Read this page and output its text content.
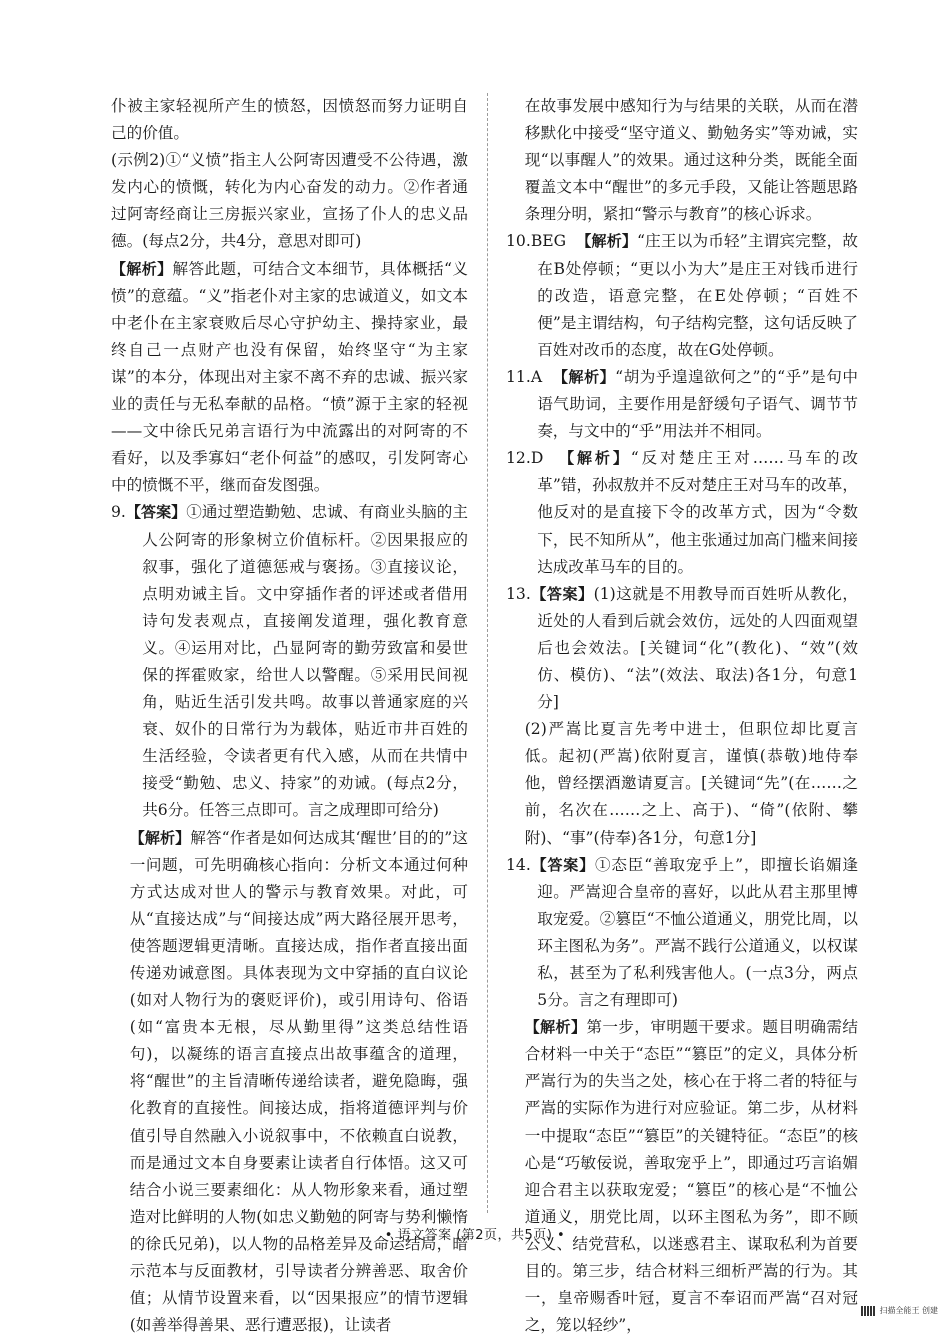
仆被主家轻视所产生的愤怒，因愤怒而努力证明自己的价值。

(示例2)①“义愤”指主人公阿寄因遭受不公待遇，激发内心的愤慨，转化为内心奋发的动力。②作者通过阿寄经商让三房振兴家业，宣扬了仆人的忠义品德。(每点2分，共4分，意思对即可)

【解析】解答此题，可结合文本细节，具体概括“义愤”的意蕴。“义”指老仆对主家的忠诚道义，如文本中老仆在主家衰败后尽心守护幼主、操持家业，最终自己一点财产也没有保留，始终坚守“为主家谋”的本分，体现出对主家不离不弃的忠诚、振兴家业的责任与无私奉献的品格。“愤”源于主家的轻视——文中徐氏兄弟言语行为中流露出的对阿寄的不看好，以及季寡妇“老仆何益”的感叹，引发阿寄心中的愤慨不平，继而奋发图强。

9.【答案】①通过塑造勤勉、忠诚、有商业头脑的主人公阿寄的形象树立价值标杆。②因果报应的叙事，强化了道德惩戒与褒扬。③直接议论，点明劝诫主旨。文中穿插作者的评述或者借用诗句发表观点，直接阐发道理，强化教育意义。④运用对比，凸显阿寄的勤劳致富和晏世保的挥霍败家，给世人以警醒。⑤采用民间视角，贴近生活引发共鸣。故事以普通家庭的兴衰、奴仆的日常行为为载体，贴近市井百姓的生活经验，令读者更有代入感，从而在共情中接受“勤勉、忠义、持家”的劝诫。(每点2分，共6分。任答三点即可。言之成理即可给分)

【解析】解答“作者是如何达成其‘醒世’目的的”这一问题，可先明确核心指向：分析文本通过何种方式达成对世人的警示与教育效果。对此，可从“直接达成”与“间接达成”两大路径展开思考，使答题逻辑更清晰。直接达成，指作者直接出面传递劝诫意图。具体表现为文中穿插的直白议论(如对人物行为的褒贬评价)，或引用诗句、俗语(如“富贵本无根，尽从勤里得”这类总结性语句)，以凝练的语言直接点出故事蕴含的道理，将“醒世”的主旨清晰传递给读者，避免隐晦，强化教育的直接性。间接达成，指将道德评判与价值引导自然融入小说叙事中，不依赖直白说教，而是通过文本自身要素让读者自行体悟。这又可结合小说三要素细化：从人物形象来看，通过塑造对比鲜明的人物(如忠义勤勉的阿寄与势利懒惰的徐氏兄弟)，以人物的品格差异及命运结局，暗示范本与反面教材，引导读者分辨善恶、取舍价值；从情节设置来看，以“因果报应”的情节逻辑(如善举得善果、恶行遭恶报)，让读者

在故事发展中感知行为与结果的关联，从而在潜移默化中接受“坚守道义、勤勉务实”等劝诫，实现“以事醒人”的效果。通过这种分类，既能全面覆盖文本中“醒世”的多元手段，又能让答题思路条理分明，紧扣“警示与教育”的核心诉求。

10.BEG 【解析】“庄王以为币轻”主谓宾完整，故在B处停顿；“更以小为大”是庄王对钱币进行的改造，语意完整，在E处停顿；“百姓不便”是主谓结构，句子结构完整，这句话反映了百姓对改币的态度，故在G处停顿。

11.A 【解析】“胡为乎遑遑欲何之”的“乎”是句中语气助词，主要作用是舒缓句子语气、调节节奏，与文中的“乎”用法并不相同。

12.D 【解析】“反对楚庄王对……马车的改革”错，孙叔敖并不反对楚庄王对马车的改革，他反对的是直接下令的改革方式，因为“令数下，民不知所从”，他主张通过加高门槛来间接达成改革马车的目的。

13.【答案】(1)这就是不用教导而百姓听从教化，近处的人看到后就会效仿，远处的人四面观望后也会效法。[关键词“化”(教化)、“效”(效仿、模仿)、“法”(效法、取法)各1分，句意1分]

(2)严嵩比夏言先考中进士，但职位却比夏言低。起初(严嵩)依附夏言，谨慎(恭敬)地侍奉他，曾经摆酒邀请夏言。[关键词“先”(在……之前，名次在……之上、高于)、“倚”(依附、攀附)、“事”(侍奉)各1分，句意1分]

14.【答案】①态臣“善取宠乎上”，即擅长谄媚逢迎。严嵩迎合皇帝的喜好，以此从君主那里博取宠爱。②篡臣“不恤公道通义，朋党比周，以环主图私为务”。严嵩不践行公道通义，以权谋私，甚至为了私利残害他人。(一点3分，两点5分。言之有理即可)

【解析】第一步，审明题干要求。题目明确需结合材料一中关于“态臣”“篡臣”的定义，具体分析严嵩行为的失当之处，核心在于将二者的特征与严嵩的实际作为进行对应验证。第二步，从材料一中提取“态臣”“篡臣”的关键特征。“态臣”的核心是“巧敏佞说，善取宠乎上”，即通过巧言谄媚迎合君主以获取宠爱；“篡臣”的核心是“不恤公道通义，朋党比周，以环主图私为务”，即不顾公义、结党营私，以迷惑君主、谋取私利为首要目的。第三步，结合材料三细析严嵩的行为。其一，皇帝赐香叶冠，夏言不奉诏而严嵩“召对冠之，笼以轻纱”，

• 语文答案 (第2页，共5页) •
扫描全能王 创建
